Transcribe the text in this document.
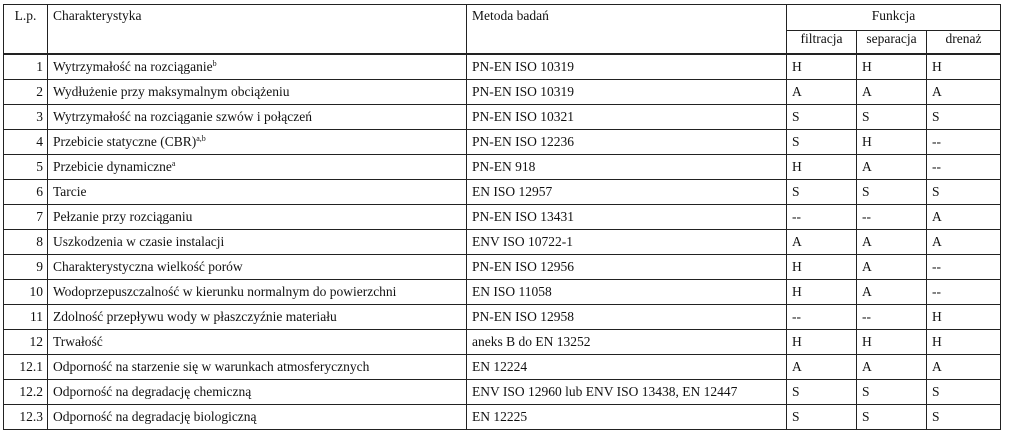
L.p.	Charakterystyka	Metoda badań	Funkcja		
			filtracja	separacja	drenaż
1	Wytrzymałość na rozciąganie$^b$	PN-EN ISO 10319	H	H	H
2	Wydłużenie przy maksymalnym obciążeniu	PN-EN ISO 10319	A	A	A
3	Wytrzymałość na rozciąganie szwów i połączeń	PN-EN ISO 10321	S	S	S
4	Przebicie statyczne (CBR)$^{a,b}$	PN-EN ISO 12236	S	H	--
5	Przebicie dynamiczne$^a$	PN-EN 918	H	A	--
6	Tarcie	EN ISO 12957	S	S	S
7	Pełzanie przy rozciąganiu	PN-EN ISO 13431	--	--	A
8	Uszkodzenia w czasie instalacji	ENV ISO 10722-1	A	A	A
9	Charakterystyczna wielkość porów	PN-EN ISO 12956	H	A	--
10	Wodoprzepuszczalność w kierunku normalnym do powierzchni	EN ISO 11058	H	A	--
11	Zdolność przepływu wody w płaszczyźnie materiału	PN-EN ISO 12958	--	--	H
12	Trwałość	aneks B do EN 13252	H	H	H
12.1	Odporność na starzenie się w warunkach atmosferycznych	EN 12224	A	A	A
12.2	Odporność na degradację chemiczną	ENV ISO 12960 lub ENV ISO 13438, EN 12447	S	S	S
12.3	Odporność na degradację biologiczną	EN 12225	S	S	S
